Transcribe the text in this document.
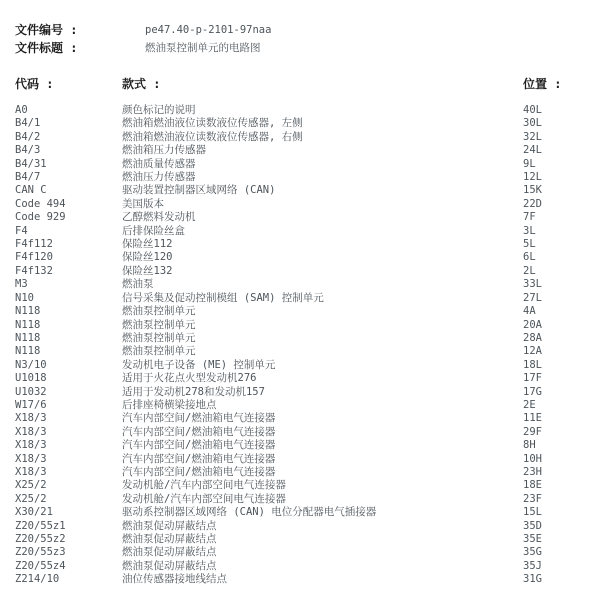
文件编号 :	pe47.40-p-2101-97naa
文件标题 :	燃油泵控制单元的电路图
代码 :	款式 :	位置 :
A0	颜色标记的说明	40L
B4/1	燃油箱燃油液位读数液位传感器, 左侧	30L
B4/2	燃油箱燃油液位读数液位传感器, 右侧	32L
B4/3	燃油箱压力传感器	24L
B4/31	燃油质量传感器	9L
B4/7	燃油压力传感器	12L
CAN C	驱动装置控制器区域网络 (CAN)	15K
Code 494	美国版本	22D
Code 929	乙醇燃料发动机	7F
F4	后排保险丝盒	3L
F4f112	保险丝112	5L
F4f120	保险丝120	6L
F4f132	保险丝132	2L
M3	燃油泵	33L
N10	信号采集及促动控制模组 (SAM) 控制单元	27L
N118	燃油泵控制单元	4A
N118	燃油泵控制单元	20A
N118	燃油泵控制单元	28A
N118	燃油泵控制单元	12A
N3/10	发动机电子设备 (ME) 控制单元	18L
U1018	适用于火花点火型发动机276	17F
U1032	适用于发动机278和发动机157	17G
W17/6	后排座椅横梁接地点	2E
X18/3	汽车内部空间/燃油箱电气连接器	11E
X18/3	汽车内部空间/燃油箱电气连接器	29F
X18/3	汽车内部空间/燃油箱电气连接器	8H
X18/3	汽车内部空间/燃油箱电气连接器	10H
X18/3	汽车内部空间/燃油箱电气连接器	23H
X25/2	发动机舱/汽车内部空间电气连接器	18E
X25/2	发动机舱/汽车内部空间电气连接器	23F
X30/21	驱动系控制器区域网络 (CAN) 电位分配器电气插接器	15L
Z20/55z1	燃油泵促动屏蔽结点	35D
Z20/55z2	燃油泵促动屏蔽结点	35E
Z20/55z3	燃油泵促动屏蔽结点	35G
Z20/55z4	燃油泵促动屏蔽结点	35J
Z214/10	油位传感器接地线结点	31G
